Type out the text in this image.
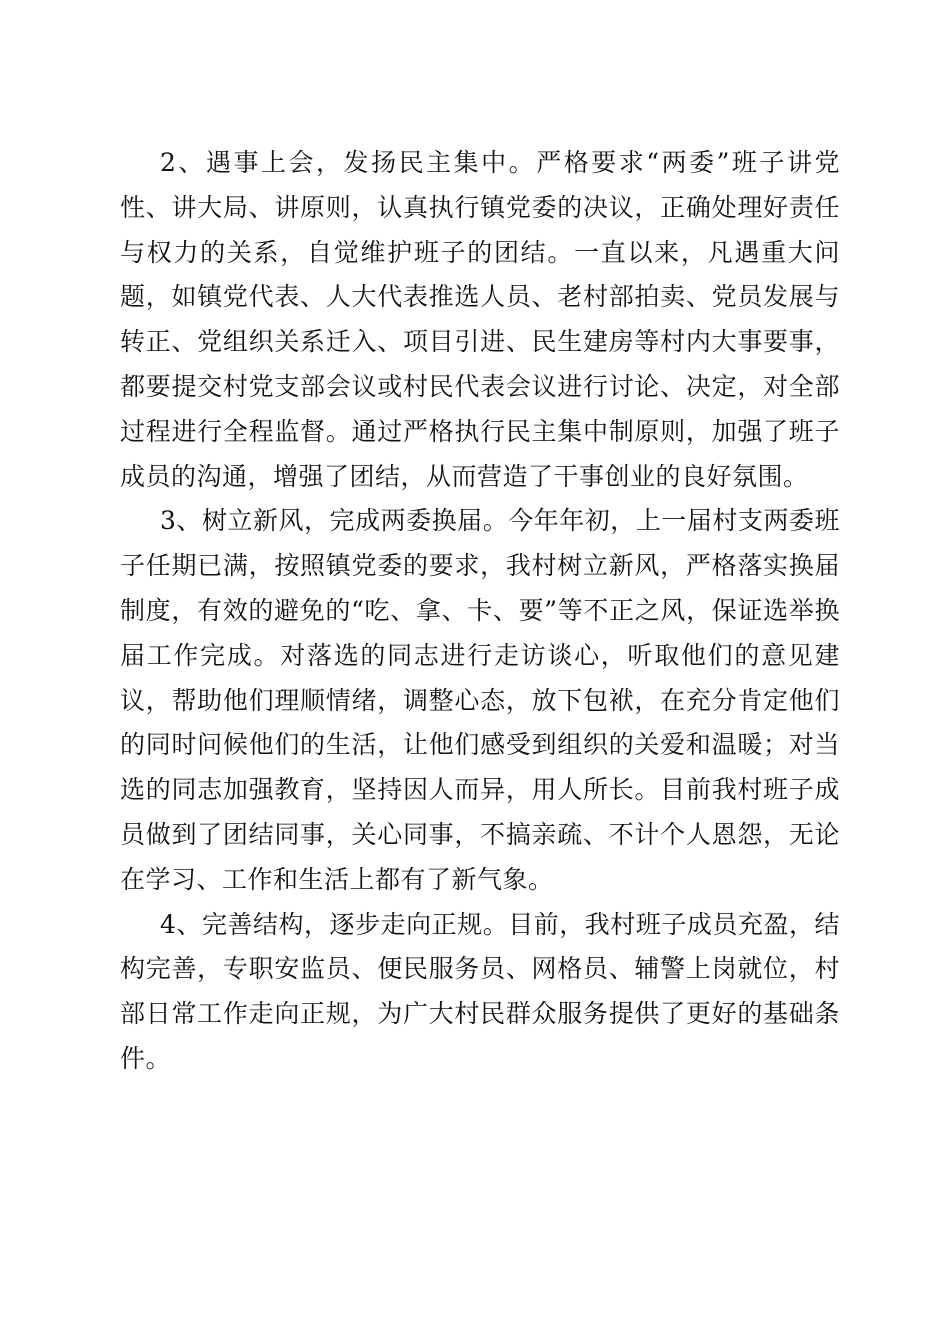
2、遇事上会，发扬民主集中。严格要求“两委”班子讲党性、讲大局、讲原则，认真执行镇党委的决议，正确处理好责任与权力的关系，自觉维护班子的团结。一直以来，凡遇重大问题，如镇党代表、人大代表推选人员、老村部拍卖、党员发展与转正、党组织关系迁入、项目引进、民生建房等村内大事要事，都要提交村党支部会议或村民代表会议进行讨论、决定，对全部过程进行全程监督。通过严格执行民主集中制原则，加强了班子成员的沟通，增强了团结，从而营造了干事创业的良好氛围。

3、树立新风，完成两委换届。今年年初，上一届村支两委班子任期已满，按照镇党委的要求，我村树立新风，严格落实换届制度，有效的避免的“吃、拿、卡、要”等不正之风，保证选举换届工作完成。对落选的同志进行走访谈心，听取他们的意见建议，帮助他们理顺情绪，调整心态，放下包袱，在充分肯定他们的同时问候他们的生活，让他们感受到组织的关爱和温暖；对当选的同志加强教育，坚持因人而异，用人所长。目前我村班子成员做到了团结同事，关心同事，不搞亲疏、不计个人恩怨，无论在学习、工作和生活上都有了新气象。

4、完善结构，逐步走向正规。目前，我村班子成员充盈，结构完善，专职安监员、便民服务员、网格员、辅警上岗就位，村部日常工作走向正规，为广大村民群众服务提供了更好的基础条件。
